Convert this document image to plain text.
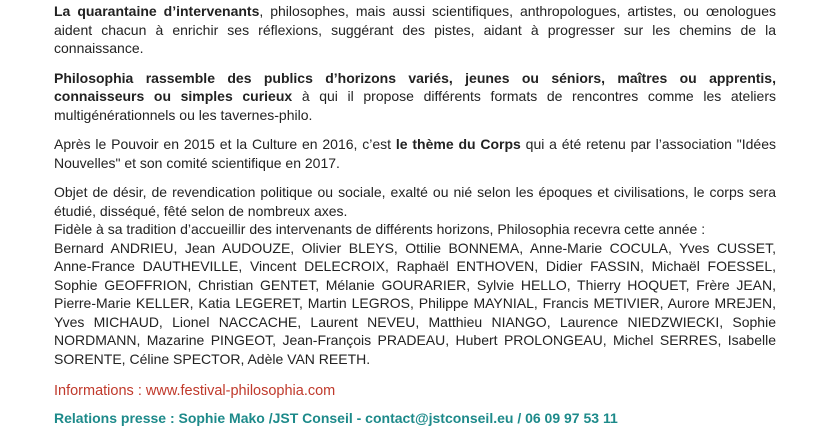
La quarantaine d’intervenants, philosophes, mais aussi scientifiques, anthropologues, artistes, ou œnologues aident chacun à enrichir ses réflexions, suggérant des pistes, aidant à progresser sur les chemins de la connaissance.

Philosophia rassemble des publics d’horizons variés, jeunes ou séniors, maîtres ou apprentis, connaisseurs ou simples curieux à qui il propose différents formats de rencontres comme les ateliers multigénérationnels ou les tavernes-philo.

Après le Pouvoir en 2015 et la Culture en 2016, c’est le thème du Corps qui a été retenu par l’association "Idées Nouvelles" et son comité scientifique en 2017.

Objet de désir, de revendication politique ou sociale, exalté ou nié selon les époques et civilisations, le corps sera étudié, disséqué, fêté selon de nombreux axes.

Fidèle à sa tradition d’accueillir des intervenants de différents horizons, Philosophia recevra cette année :

Bernard ANDRIEU, Jean AUDOUZE, Olivier BLEYS, Ottilie BONNEMA, Anne-Marie COCULA, Yves CUSSET, Anne-France DAUTHEVILLE, Vincent DELECROIX, Raphaël ENTHOVEN, Didier FASSIN, Michaël FOESSEL, Sophie GEOFFRION, Christian GENTET, Mélanie GOURARIER, Sylvie HELLO, Thierry HOQUET, Frère JEAN, Pierre-Marie KELLER, Katia LEGERET, Martin LEGROS, Philippe MAYNIAL, Francis METIVIER, Aurore MREJEN, Yves MICHAUD, Lionel NACCACHE, Laurent NEVEU, Matthieu NIANGO, Laurence NIEDZWIECKI, Sophie NORDMANN, Mazarine PINGEOT, Jean-François PRADEAU, Hubert PROLONGEAU, Michel SERRES, Isabelle SORENTE, Céline SPECTOR, Adèle VAN REETH.

Informations : www.festival-philosophia.com

Relations presse : Sophie Mako /JST Conseil - contact@jstconseil.eu / 06 09 97 53 11
